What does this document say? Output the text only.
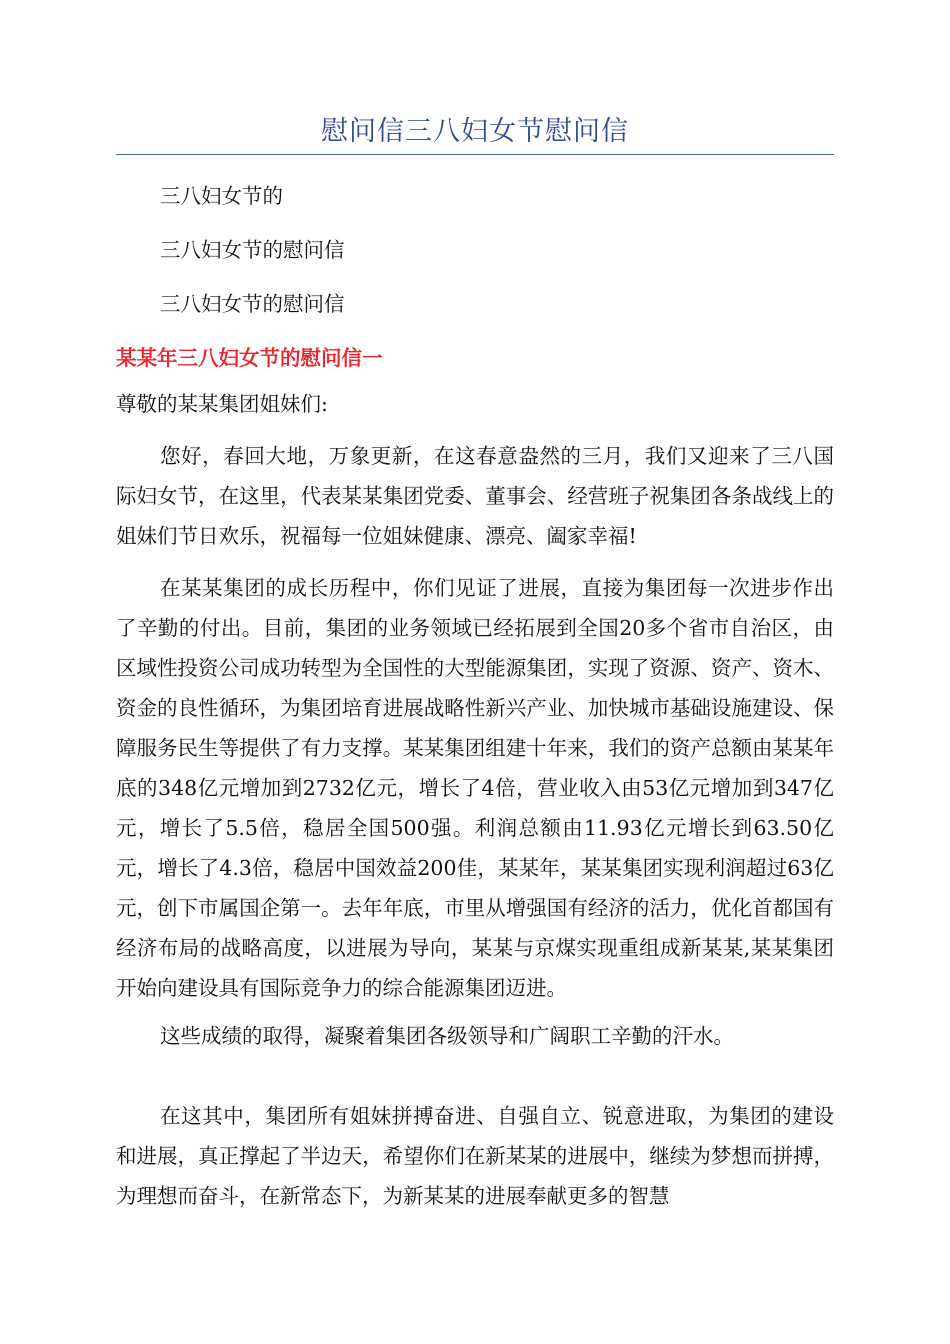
慰问信三八妇女节慰问信

三八妇女节的

三八妇女节的慰问信

三八妇女节的慰问信

某某年三八妇女节的慰问信一

尊敬的某某集团姐妹们:

您好，春回大地，万象更新，在这春意盎然的三月，我们又迎来了三八国际妇女节，在这里，代表某某集团党委、董事会、经营班子祝集团各条战线上的姐妹们节日欢乐，祝福每一位姐妹健康、漂亮、阖家幸福!

在某某集团的成长历程中，你们见证了进展，直接为集团每一次进步作出了辛勤的付出。目前，集团的业务领域已经拓展到全国20多个省市自治区，由区域性投资公司成功转型为全国性的大型能源集团，实现了资源、资产、资木、资金的良性循环，为集团培育进展战略性新兴产业、加快城市基础设施建设、保障服务民生等提供了有力支撑。某某集团组建十年来，我们的资产总额由某某年底的348亿元增加到2732亿元，增长了4倍，营业收入由53亿元增加到347亿元，增长了5.5倍，稳居全国500强。利润总额由11.93亿元增长到63.50亿元，增长了4.3倍，稳居中国效益200佳，某某年，某某集团实现利润超过63亿元，创下市属国企第一。去年年底，市里从增强国有经济的活力，优化首都国有经济布局的战略高度，以进展为导向，某某与京煤实现重组成新某某,某某集团开始向建设具有国际竞争力的综合能源集团迈进。

这些成绩的取得，凝聚着集团各级领导和广阔职工辛勤的汗水。

在这其中，集团所有姐妹拼搏奋进、自强自立、锐意进取，为集团的建设和进展，真正撑起了半边天，希望你们在新某某的进展中，继续为梦想而拼搏，为理想而奋斗，在新常态下，为新某某的进展奉献更多的智慧
